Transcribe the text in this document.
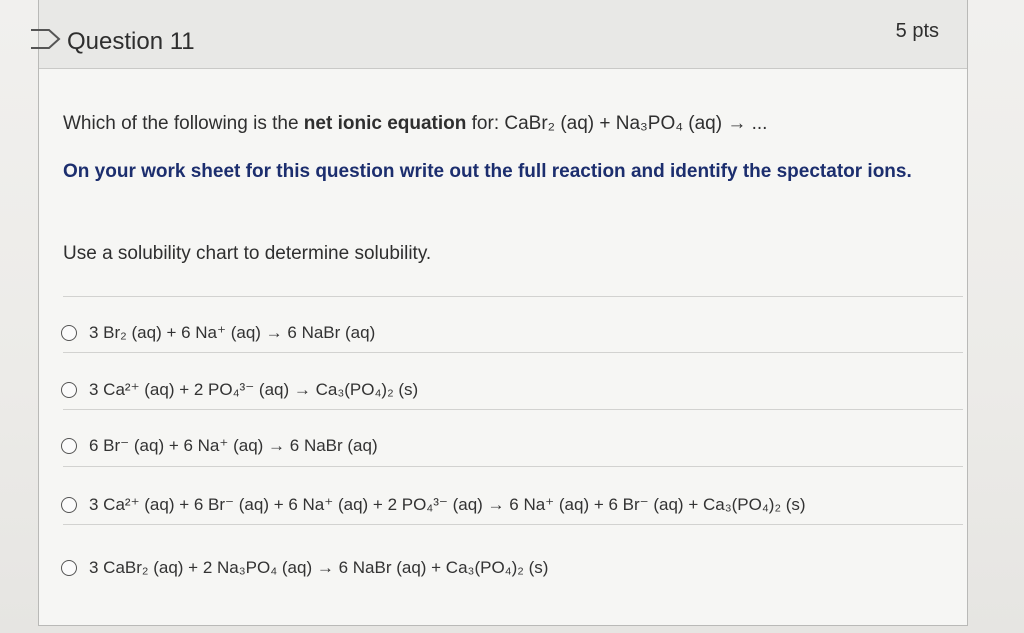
Question 11	5 pts
Which of the following is the net ionic equation for: CaBr₂ (aq) + Na₃PO₄ (aq) → ...
On your work sheet for this question write out the full reaction and identify the spectator ions.
Use a solubility chart to determine solubility.
3 Br₂ (aq) + 6 Na⁺ (aq) → 6 NaBr (aq)
3 Ca²⁺ (aq) + 2 PO₄³⁻ (aq) → Ca₃(PO₄)₂ (s)
6 Br⁻ (aq) + 6 Na⁺ (aq) → 6 NaBr (aq)
3 Ca²⁺ (aq) + 6 Br⁻ (aq) + 6 Na⁺ (aq) + 2 PO₄³⁻ (aq) → 6 Na⁺ (aq) + 6 Br⁻ (aq) + Ca₃(PO₄)₂ (s)
3 CaBr₂ (aq) + 2 Na₃PO₄ (aq) → 6 NaBr (aq) + Ca₃(PO₄)₂ (s)
